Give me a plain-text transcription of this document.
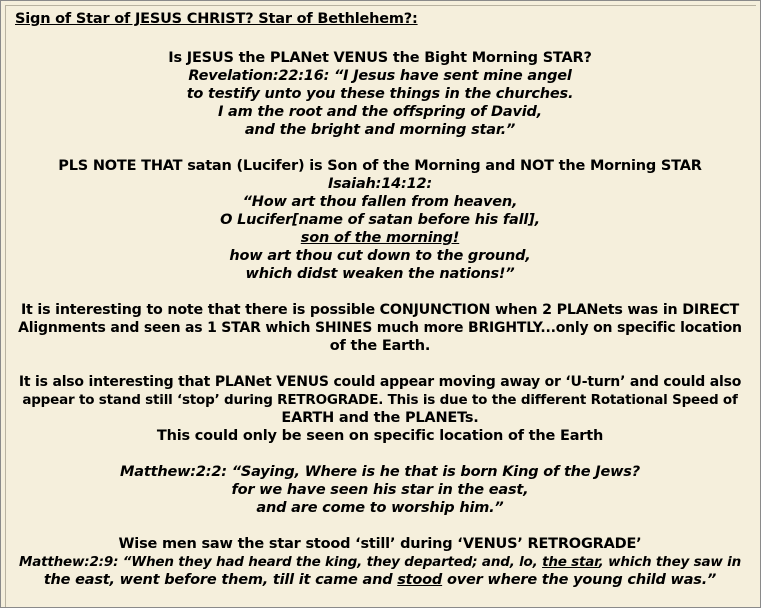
Sign of Star of JESUS CHRIST? Star of Bethlehem?:
Is JESUS the PLANet VENUS the Bight Morning STAR?
Revelation:22:16: “I Jesus have sent mine angel
to testify unto you these things in the churches.
I am the root and the offspring of David,
and the bright and morning star.”
PLS NOTE THAT satan (Lucifer) is Son of the Morning and NOT the Morning STAR
Isaiah:14:12:
“How art thou fallen from heaven,
O Lucifer[name of satan before his fall],
son of the morning!
how art thou cut down to the ground,
which didst weaken the nations!”
It is interesting to note that there is possible CONJUNCTION when 2 PLANets was in DIRECT
Alignments and seen as 1 STAR which SHINES much more BRIGHTLY...only on specific location
of the Earth.
It is also interesting that PLANet VENUS could appear moving away or ‘U-turn’ and could also
appear to stand still ‘stop’ during RETROGRADE. This is due to the different Rotational Speed of
EARTH and the PLANETs.
This could only be seen on specific location of the Earth
Matthew:2:2: “Saying, Where is he that is born King of the Jews?
for we have seen his star in the east,
and are come to worship him.”
Wise men saw the star stood ‘still’ during ‘VENUS’ RETROGRADE’
Matthew:2:9: “When they had heard the king, they departed; and, lo, the star, which they saw in
the east, went before them, till it came and stood over where the young child was.”
